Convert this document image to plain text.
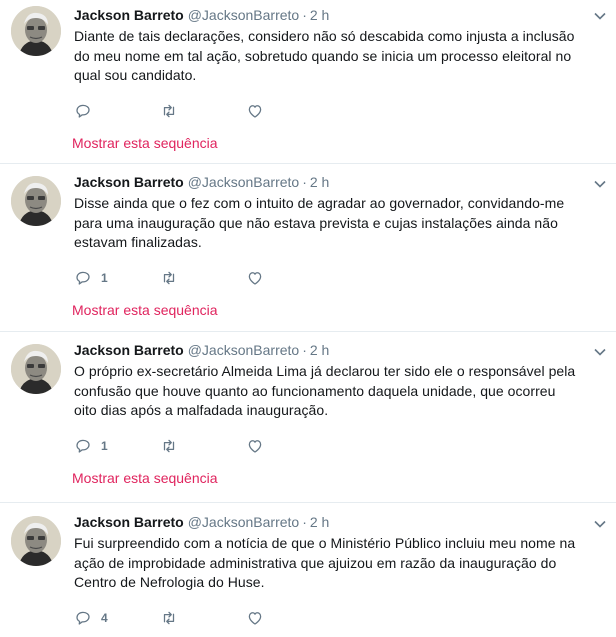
Jackson Barreto @JacksonBarreto · 2 h
Diante de tais declarações, considero não só descabida como injusta a inclusão
do meu nome em tal ação, sobretudo quando se inicia um processo eleitoral no
qual sou candidato.
Mostrar esta sequência
Jackson Barreto @JacksonBarreto · 2 h
Disse ainda que o fez com o intuito de agradar ao governador, convidando-me
para uma inauguração que não estava prevista e cujas instalações ainda não
estavam finalizadas.
1
Mostrar esta sequência
Jackson Barreto @JacksonBarreto · 2 h
O próprio ex-secretário Almeida Lima já declarou ter sido ele o responsável pela
confusão que houve quanto ao funcionamento daquela unidade, que ocorreu
oito dias após a malfadada inauguração.
1
Mostrar esta sequência
Jackson Barreto @JacksonBarreto · 2 h
Fui surpreendido com a notícia de que o Ministério Público incluiu meu nome na
ação de improbidade administrativa que ajuizou em razão da inauguração do
Centro de Nefrologia do Huse.
4
